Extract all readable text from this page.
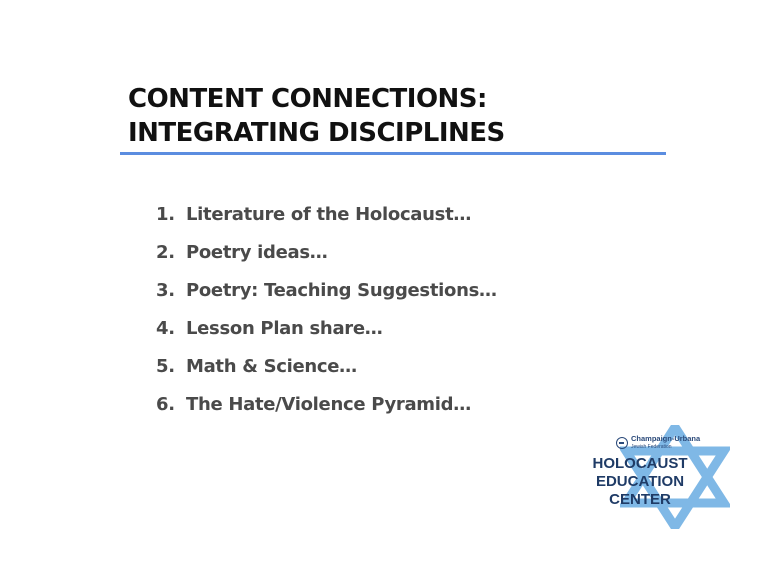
CONTENT CONNECTIONS:
INTEGRATING DISCIPLINES
1. Literature of the Holocaust…
2. Poetry ideas…
3. Poetry: Teaching Suggestions…
4. Lesson Plan share…
5. Math & Science…
6. The Hate/Violence Pyramid…
Champaign-Urbana
Jewish Federation
HOLOCAUST
EDUCATION
CENTER
